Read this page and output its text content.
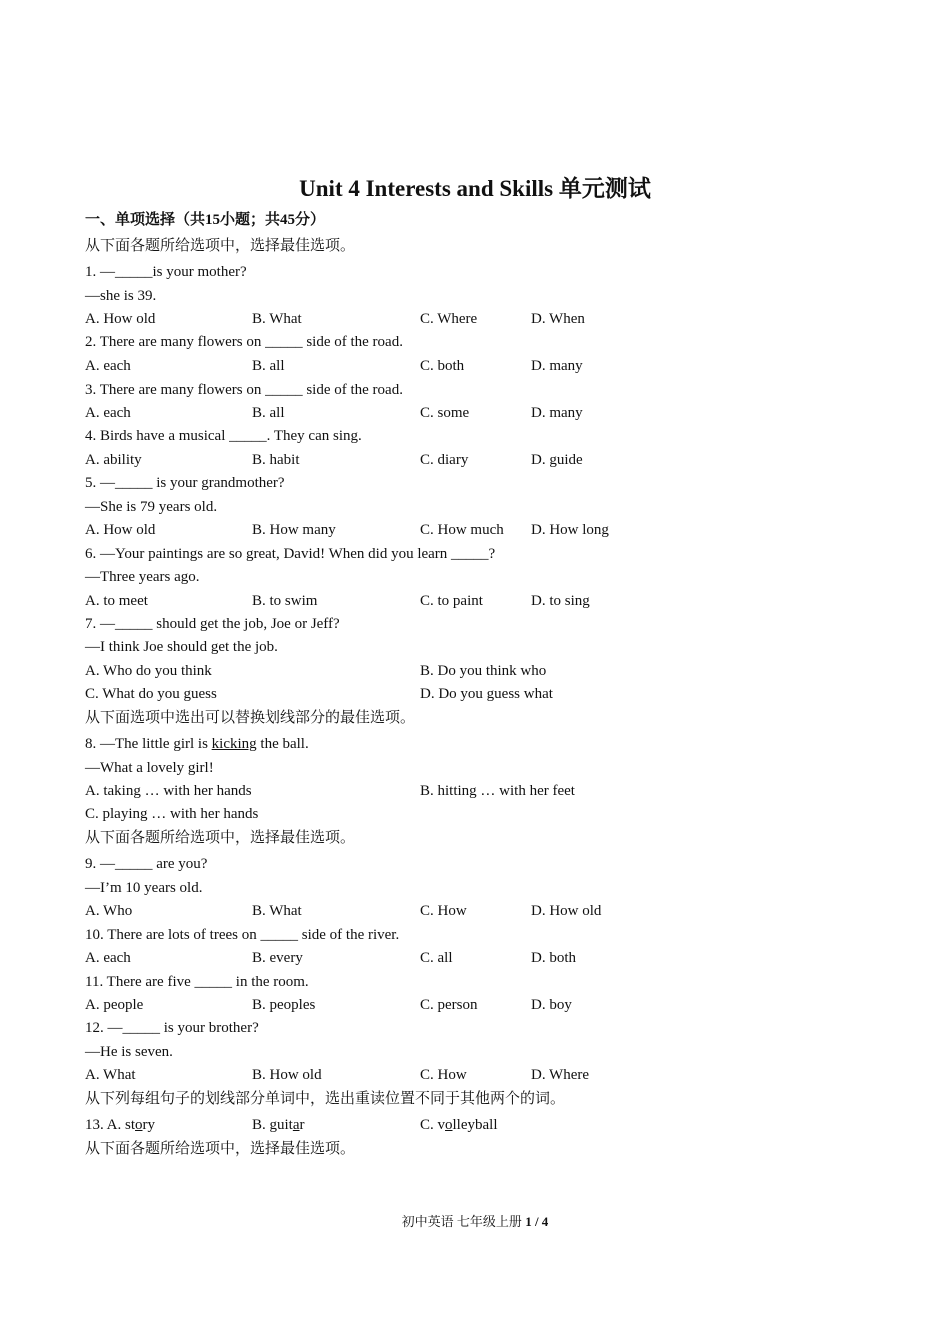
Unit 4 Interests and Skills 单元测试
一、单项选择（共15小题；共45分）
从下面各题所给选项中，选择最佳选项。
1. —_____is your mother?
—she is 39.
A. How old	B. What	C. Where	D. When
2. There are many flowers on _____ side of the road.
A. each	B. all	C. both	D. many
3. There are many flowers on _____ side of the road.
A. each	B. all	C. some	D. many
4. Birds have a musical _____. They can sing.
A. ability	B. habit	C. diary	D. guide
5. —_____ is your grandmother?
—She is 79 years old.
A. How old	B. How many	C. How much D. How long
6. —Your paintings are so great, David! When did you learn _____?
—Three years ago.
A. to meet	B. to swim	C. to paint	D. to sing
7. —_____ should get the job, Joe or Jeff?
—I think Joe should get the job.
A. Who do you think	B. Do you think who
C. What do you guess	D. Do you guess what
从下面选项中选出可以替换划线部分的最佳选项。
8. —The little girl is kicking the ball.
—What a lovely girl!
A. taking … with her hands	B. hitting … with her feet
C. playing … with her hands
从下面各题所给选项中，选择最佳选项。
9. —_____ are you?
—I’m 10 years old.
A. Who	B. What	C. How	D. How old
10. There are lots of trees on _____ side of the river.
A. each	B. every	C. all	D. both
11. There are five _____ in the room.
A. people	B. peoples	C. person	D. boy
12. —_____ is your brother?
—He is seven.
A. What	B. How old	C. How	D. Where
从下列每组句子的划线部分单词中，选出重读位置不同于其他两个的词。
13. A. story	B. guitar	C. volleyball
从下面各题所给选项中，选择最佳选项。
初中英语 七年级上册 1 / 4
